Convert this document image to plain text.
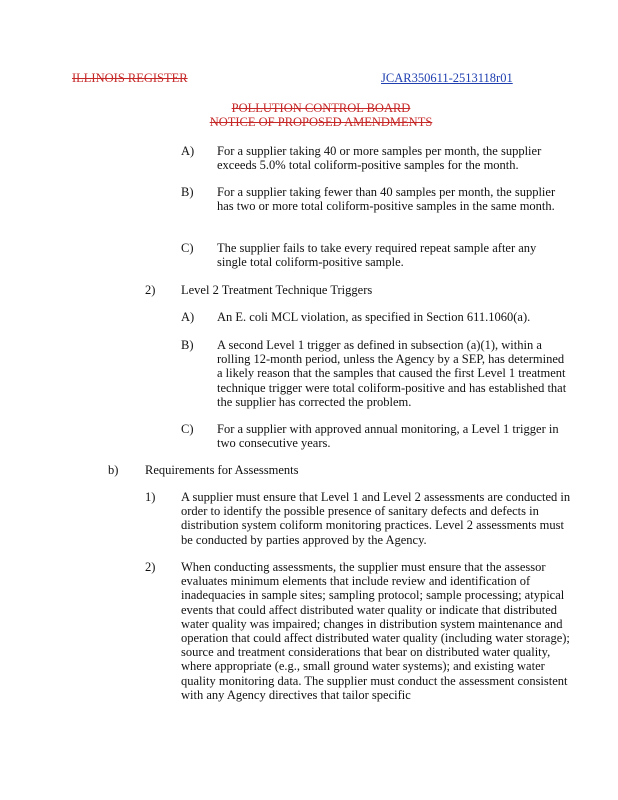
ILLINOIS REGISTER	JCAR350611-2513118r01
POLLUTION CONTROL BOARD
NOTICE OF PROPOSED AMENDMENTS
A) For a supplier taking 40 or more samples per month, the supplier exceeds 5.0% total coliform-positive samples for the month.
B) For a supplier taking fewer than 40 samples per month, the supplier has two or more total coliform-positive samples in the same month.
C) The supplier fails to take every required repeat sample after any single total coliform-positive sample.
2) Level 2 Treatment Technique Triggers
A) An E. coli MCL violation, as specified in Section 611.1060(a).
B) A second Level 1 trigger as defined in subsection (a)(1), within a rolling 12-month period, unless the Agency by a SEP, has determined a likely reason that the samples that caused the first Level 1 treatment technique trigger were total coliform-positive and has established that the supplier has corrected the problem.
C) For a supplier with approved annual monitoring, a Level 1 trigger in two consecutive years.
b) Requirements for Assessments
1) A supplier must ensure that Level 1 and Level 2 assessments are conducted in order to identify the possible presence of sanitary defects and defects in distribution system coliform monitoring practices. Level 2 assessments must be conducted by parties approved by the Agency.
2) When conducting assessments, the supplier must ensure that the assessor evaluates minimum elements that include review and identification of inadequacies in sample sites; sampling protocol; sample processing; atypical events that could affect distributed water quality or indicate that distributed water quality was impaired; changes in distribution system maintenance and operation that could affect distributed water quality (including water storage); source and treatment considerations that bear on distributed water quality, where appropriate (e.g., small ground water systems); and existing water quality monitoring data. The supplier must conduct the assessment consistent with any Agency directives that tailor specific
